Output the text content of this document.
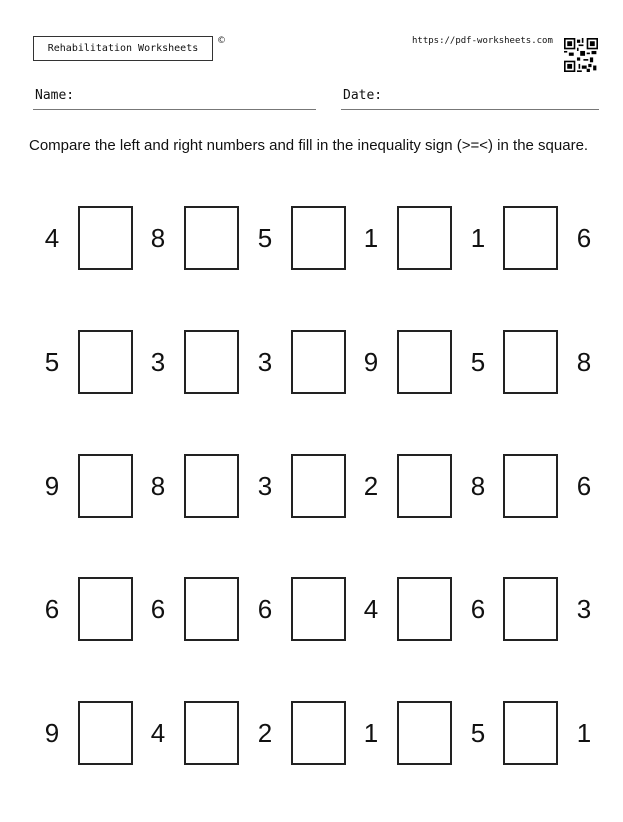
Rehabilitation Worksheets
©	https://pdf-worksheets.com
Name:	Date:
Compare the left and right numbers and fill in the inequality sign (>=<) in the square.
4	8	5	1	1	6
5	3	3	9	5	8
9	8	3	2	8	6
6	6	6	4	6	3
9	4	2	1	5	1
